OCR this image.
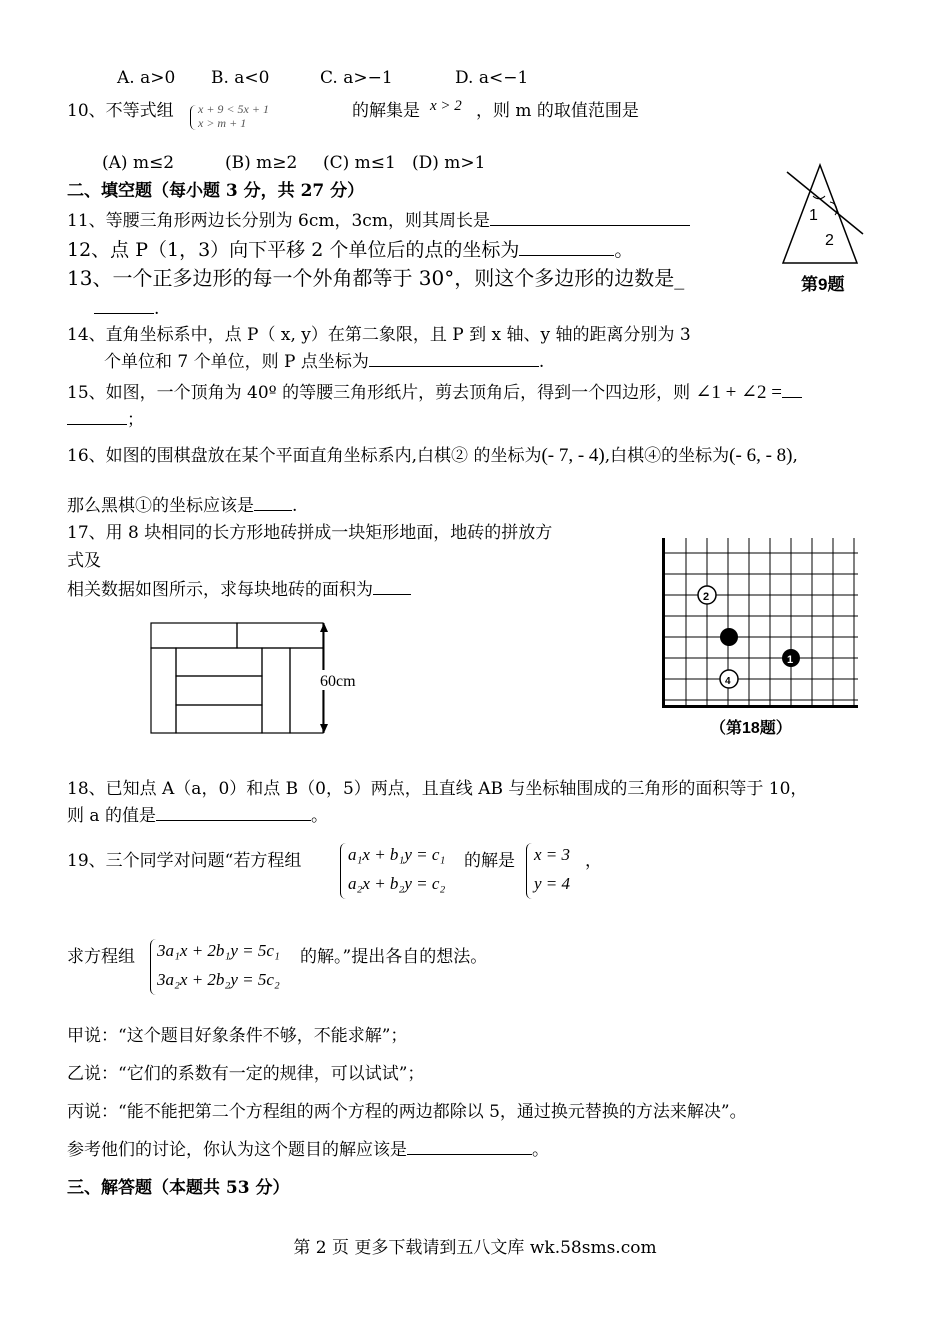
A. a>0 B. a<0	C. a>−1	D. a<−1
10、不等式组 x + 9 < 5x + 1
x > m + 1
的解集是 x > 2 ，则 m 的取值范围是
(A) m≤2	(B) m≥2 (C) m≤1 (D) m>1
二、填空题（每小题 3 分，共 27 分）
11、等腰三角形两边长分别为 6cm，3cm，则其周长是
12、点 P（1，3）向下平移 2 个单位后的点的坐标为	。
13、一个正多边形的每一个外角都等于 30°，则这个多边形的边数是_
.
1
2
第9题
14、直角坐标系中，点 P（ x, y）在第二象限，且 P 到 x 轴、y 轴的距离分别为 3
个单位和 7 个单位，则 P 点坐标为	.
15、如图，一个顶角为 40º 的等腰三角形纸片，剪去顶角后，得到一个四边形，则 ∠1 + ∠2 =
；
16、如图的围棋盘放在某个平面直角坐标系内,白棋② 的坐标为(- 7, - 4),白棋④的坐标为(- 6, - 8),
那么黑棋①的坐标应该是 .
17、用 8 块相同的长方形地砖拼成一块矩形地面，地砖的拼放方
式及
相关数据如图所示，求每块地砖的面积为
60cm
2
1
4
（第18题）
18、已知点 A（a，0）和点 B（0，5）两点，且直线 AB 与坐标轴围成的三角形的面积等于 10，
则 a 的值是	。
19、三个同学对问题“若方程组	a₁x + b₁y = c₁
a₂x + b₂y = c₂
的解是 x = 3
y = 4
，
求方程组 3a₁x + 2b₁y = 5c₁
3a₂x + 2b₂y = 5c₂
的解。”提出各自的想法。
甲说：“这个题目好象条件不够，不能求解”；
乙说：“它们的系数有一定的规律，可以试试”；
丙说：“能不能把第二个方程组的两个方程的两边都除以 5，通过换元替换的方法来解决”。
参考他们的讨论，你认为这个题目的解应该是	。
三、解答题（本题共 53 分）
第 2 页 更多下载请到五八文库 wk.58sms.com
